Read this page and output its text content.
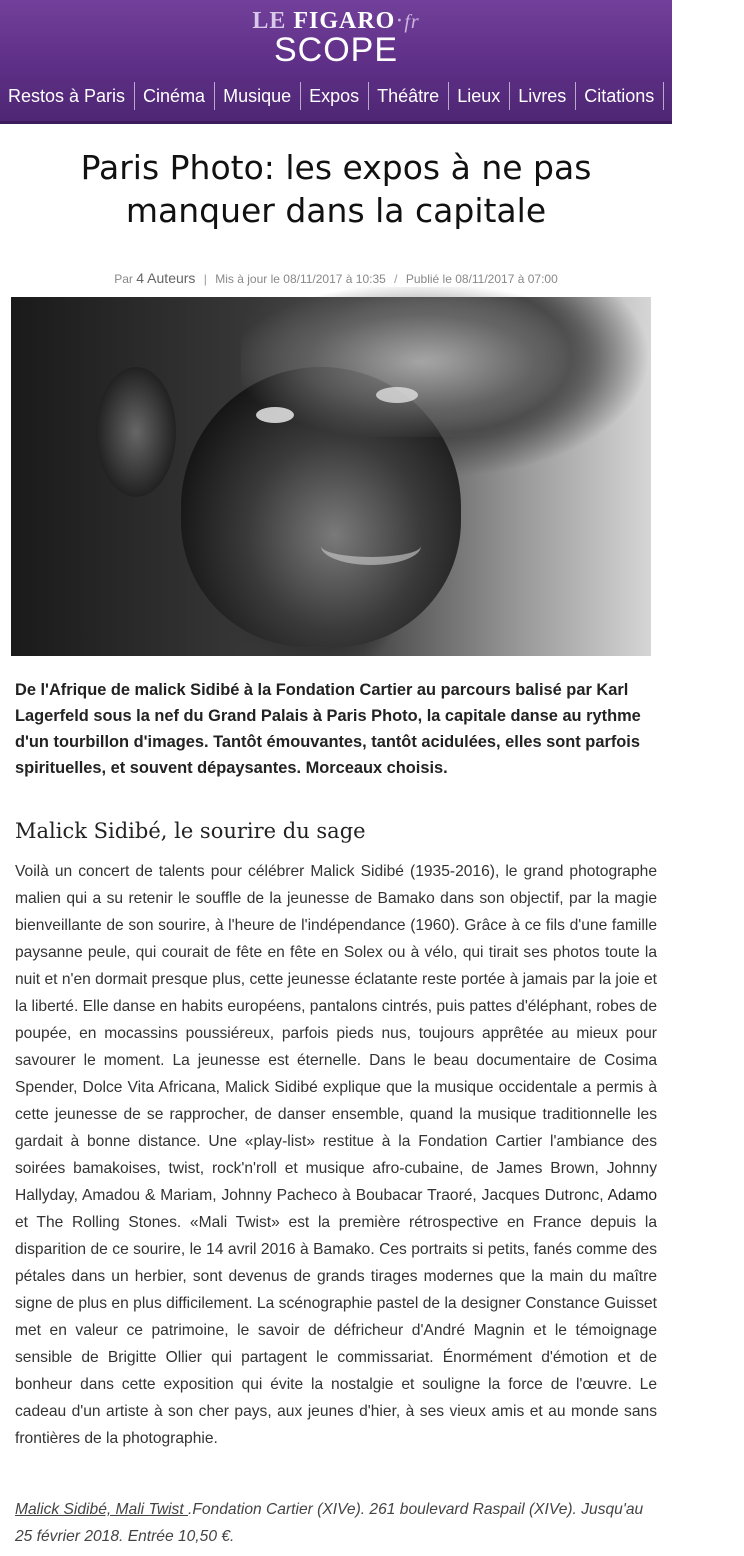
LE FIGARO·fr
SCOPE
Restos à Paris	Cinéma	Musique	Expos	Théâtre	Lieux	Livres	Citations	Célèbre
Paris Photo: les expos à ne pas manquer dans la capitale
Par 4 Auteurs | Mis à jour le 08/11/2017 à 10:35 / Publié le 08/11/2017 à 07:00

De l'Afrique de malick Sidibé à la Fondation Cartier au parcours balisé par Karl Lagerfeld sous la nef du Grand Palais à Paris Photo, la capitale danse au rythme d'un tourbillon d'images. Tantôt émouvantes, tantôt acidulées, elles sont parfois spirituelles, et souvent dépaysantes. Morceaux choisis.

Malick Sidibé, le sourire du sage

Voilà un concert de talents pour célébrer Malick Sidibé (1935-2016), le grand photographe malien qui a su retenir le souffle de la jeunesse de Bamako dans son objectif, par la magie bienveillante de son sourire, à l'heure de l'indépendance (1960). Grâce à ce fils d'une famille paysanne peule, qui courait de fête en fête en Solex ou à vélo, qui tirait ses photos toute la nuit et n'en dormait presque plus, cette jeunesse éclatante reste portée à jamais par la joie et la liberté. Elle danse en habits européens, pantalons cintrés, puis pattes d'éléphant, robes de poupée, en mocassins poussiéreux, parfois pieds nus, toujours apprêtée au mieux pour savourer le moment. La jeunesse est éternelle. Dans le beau documentaire de Cosima Spender, Dolce Vita Africana, Malick Sidibé explique que la musique occidentale a permis à cette jeunesse de se rapprocher, de danser ensemble, quand la musique traditionnelle les gardait à bonne distance. Une «play-list» restitue à la Fondation Cartier l'ambiance des soirées bamakoises, twist, rock'n'roll et musique afro-cubaine, de James Brown, Johnny Hallyday, Amadou & Mariam, Johnny Pacheco à Boubacar Traoré, Jacques Dutronc, Adamo et The Rolling Stones. «Mali Twist» est la première rétrospective en France depuis la disparition de ce sourire, le 14 avril 2016 à Bamako. Ces portraits si petits, fanés comme des pétales dans un herbier, sont devenus de grands tirages modernes que la main du maître signe de plus en plus difficilement. La scénographie pastel de la designer Constance Guisset met en valeur ce patrimoine, le savoir de défricheur d'André Magnin et le témoignage sensible de Brigitte Ollier qui partagent le commissariat. Énormément d'émotion et de bonheur dans cette exposition qui évite la nostalgie et souligne la force de l'œuvre. Le cadeau d'un artiste à son cher pays, aux jeunes d'hier, à ses vieux amis et au monde sans frontières de la photographie.

Malick Sidibé, Mali Twist .Fondation Cartier (XIVe). 261 boulevard Raspail (XIVe). Jusqu'au 25 février 2018. Entrée 10,50 €.
